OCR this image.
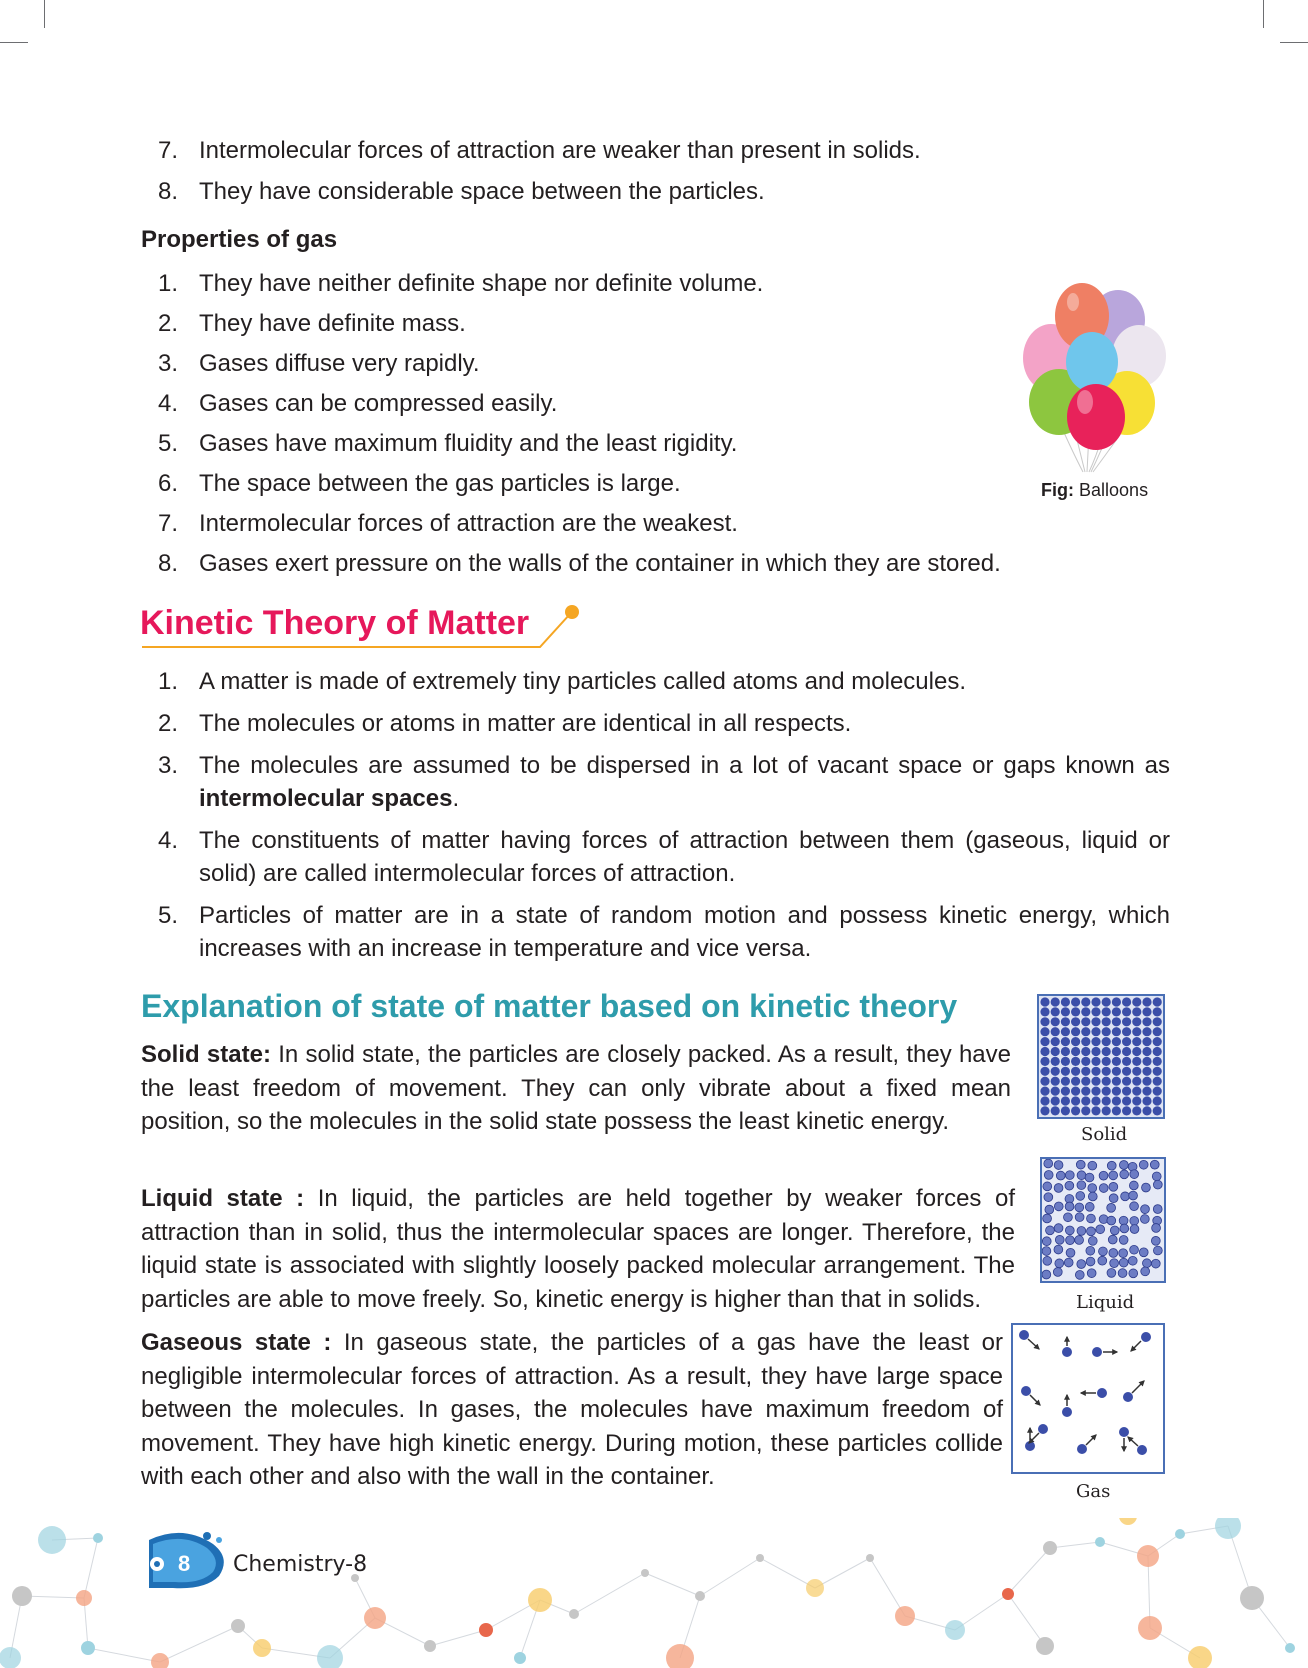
7. Intermolecular forces of attraction are weaker than present in solids.
8. They have considerable space between the particles.
Properties of gas
1. They have neither definite shape nor definite volume.
2. They have definite mass.
3. Gases diffuse very rapidly.
4. Gases can be compressed easily.
5. Gases have maximum fluidity and the least rigidity.
6. The space between the gas particles is large.
7. Intermolecular forces of attraction are the weakest.
8. Gases exert pressure on the walls of the container in which they are stored.
Fig: Balloons
Kinetic Theory of Matter
1. A matter is made of extremely tiny particles called atoms and molecules.
2. The molecules or atoms in matter are identical in all respects.
3. The molecules are assumed to be dispersed in a lot of vacant space or gaps known as intermolecular spaces.
4. The constituents of matter having forces of attraction between them (gaseous, liquid or solid) are called intermolecular forces of attraction.
5. Particles of matter are in a state of random motion and possess kinetic energy, which increases with an increase in temperature and vice versa.
Explanation of state of matter based on kinetic theory

Solid state: In solid state, the particles are closely packed. As a result, they have the least freedom of movement. They can only vibrate about a fixed mean position, so the molecules in the solid state possess the least kinetic energy.

Liquid state : In liquid, the particles are held together by weaker forces of attraction than in solid, thus the intermolecular spaces are longer. Therefore, the liquid state is associated with slightly loosely packed molecular arrangement. The particles are able to move freely. So, kinetic energy is higher than that in solids.

Gaseous state : In gaseous state, the particles of a gas have the least or negligible intermolecular forces of attraction. As a result, they have large space between the molecules. In gases, the molecules have maximum freedom of movement. They have high kinetic energy. During motion, these particles collide with each other and also with the wall in the container.

Solid
Liquid
Gas
8 Chemistry-8
